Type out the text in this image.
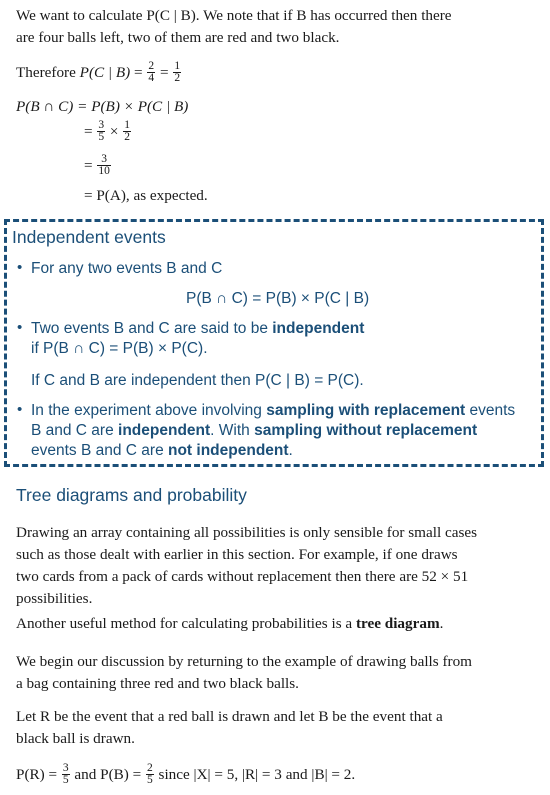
We want to calculate P(C | B). We note that if B has occurred then there
are four balls left, two of them are red and two black.
Therefore P(C | $B) = \frac{2}{4} = \frac{1}{2}$
P(B ∩ C) = P(B) × P(C | B)
= $\frac{3}{5} \times \frac{1}{2}$
= $\frac{3}{10}$
= P(A), as expected.
Independent events
• For any two events B and C
P(B ∩ C) = P(B) × P(C | B)
• Two events B and C are said to be independent
if P(B ∩ C) = P(B) × P(C).
If C and B are independent then P(C | B) = P(C).
• In the experiment above involving sampling with replacement events
B and C are independent. With sampling without replacement
events B and C are not independent.
Tree diagrams and probability
Drawing an array containing all possibilities is only sensible for small cases
such as those dealt with earlier in this section. For example, if one draws
two cards from a pack of cards without replacement then there are 52 × 51
possibilities.
Another useful method for calculating probabilities is a tree diagram.
We begin our discussion by returning to the example of drawing balls from
a bag containing three red and two black balls.
Let R be the event that a red ball is drawn and let B be the event that a
black ball is drawn.
$P(R) = \frac{3}{5}$ and $P(B) = \frac{2}{5}$ since |X| = 5, |R| = 3 and |B| = 2.
